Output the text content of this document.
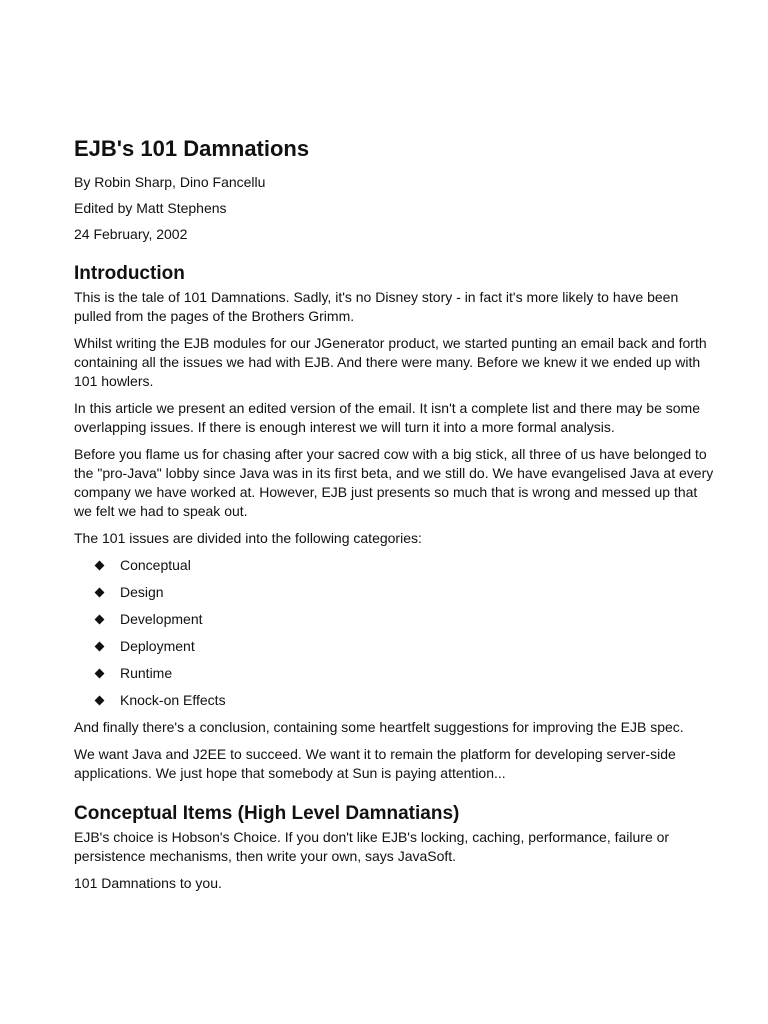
EJB's 101 Damnations
By Robin Sharp, Dino Fancellu
Edited by Matt Stephens
24 February, 2002
Introduction

This is the tale of 101 Damnations. Sadly, it's no Disney story - in fact it's more likely to have been pulled from the pages of the Brothers Grimm.

Whilst writing the EJB modules for our JGenerator product, we started punting an email back and forth containing all the issues we had with EJB. And there were many. Before we knew it we ended up with 101 howlers.

In this article we present an edited version of the email. It isn't a complete list and there may be some overlapping issues. If there is enough interest we will turn it into a more formal analysis.

Before you flame us for chasing after your sacred cow with a big stick, all three of us have belonged to the "pro-Java" lobby since Java was in its first beta, and we still do. We have evangelised Java at every company we have worked at. However, EJB just presents so much that is wrong and messed up that we felt we had to speak out.

The 101 issues are divided into the following categories:

Conceptual
Design
Development
Deployment
Runtime
Knock-on Effects

And finally there's a conclusion, containing some heartfelt suggestions for improving the EJB spec.

We want Java and J2EE to succeed. We want it to remain the platform for developing server-side applications. We just hope that somebody at Sun is paying attention...

Conceptual Items (High Level Damnatians)

EJB's choice is Hobson's Choice. If you don't like EJB's locking, caching, performance, failure or persistence mechanisms, then write your own, says JavaSoft.

101 Damnations to you.
